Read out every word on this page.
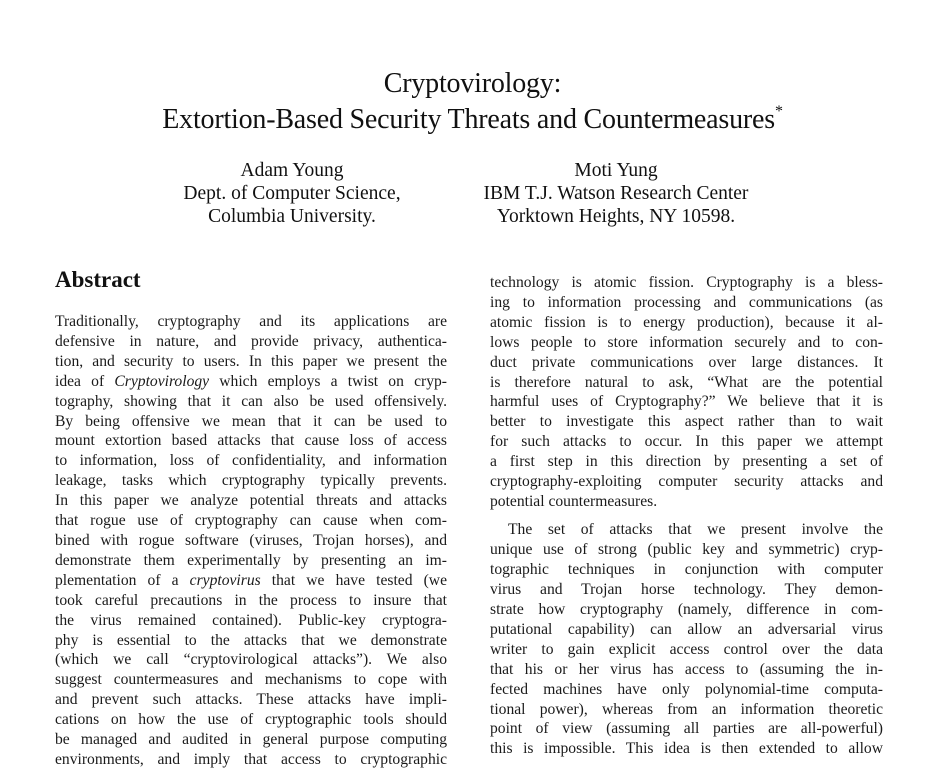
Cryptovirology:
Extortion-Based Security Threats and Countermeasures*
Adam Young
Dept. of Computer Science,
Columbia University.
Moti Yung
IBM T.J. Watson Research Center
Yorktown Heights, NY 10598.
Abstract
Traditionally, cryptography and its applications are
defensive in nature, and provide privacy, authentica-
tion, and security to users. In this paper we present the
idea of Cryptovirology which employs a twist on cryp-
tography, showing that it can also be used offensively.
By being offensive we mean that it can be used to
mount extortion based attacks that cause loss of access
to information, loss of confidentiality, and information
leakage, tasks which cryptography typically prevents.
In this paper we analyze potential threats and attacks
that rogue use of cryptography can cause when com-
bined with rogue software (viruses, Trojan horses), and
demonstrate them experimentally by presenting an im-
plementation of a cryptovirus that we have tested (we
took careful precautions in the process to insure that
the virus remained contained). Public-key cryptogra-
phy is essential to the attacks that we demonstrate
(which we call “cryptovirological attacks”). We also
suggest countermeasures and mechanisms to cope with
and prevent such attacks. These attacks have impli-
cations on how the use of cryptographic tools should
be managed and audited in general purpose computing
environments, and imply that access to cryptographic
technology is atomic fission. Cryptography is a bless-
ing to information processing and communications (as
atomic fission is to energy production), because it al-
lows people to store information securely and to con-
duct private communications over large distances. It
is therefore natural to ask, “What are the potential
harmful uses of Cryptography?” We believe that it is
better to investigate this aspect rather than to wait
for such attacks to occur. In this paper we attempt
a first step in this direction by presenting a set of
cryptography-exploiting computer security attacks and
potential countermeasures.
The set of attacks that we present involve the
unique use of strong (public key and symmetric) cryp-
tographic techniques in conjunction with computer
virus and Trojan horse technology. They demon-
strate how cryptography (namely, difference in com-
putational capability) can allow an adversarial virus
writer to gain explicit access control over the data
that his or her virus has access to (assuming the in-
fected machines have only polynomial-time computa-
tional power), whereas from an information theoretic
point of view (assuming all parties are all-powerful)
this is impossible. This idea is then extended to allow
